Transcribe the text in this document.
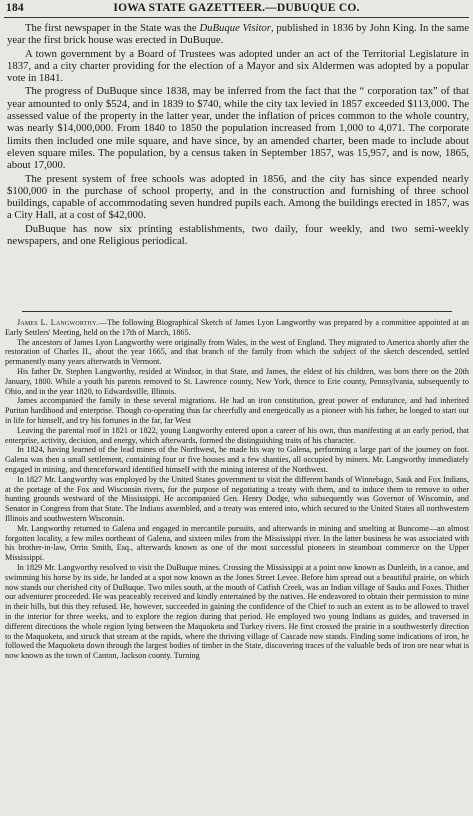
184	IOWA STATE GAZETTEER.—DUBUQUE CO.

The first newspaper in the State was the DuBuque Visitor, published in 1836 by John King. In the same year the first brick house was erected in DuBuque.

A town government by a Board of Trustees was adopted under an act of the Territorial Legislature in 1837, and a city charter providing for the election of a Mayor and six Aldermen was adopted by a popular vote in 1841.

The progress of DuBuque since 1838, may be inferred from the fact that the “ corporation tax” of that year amounted to only $524, and in 1839 to $740, while the city tax levied in 1857 exceeded $113,000. The assessed value of the property in the latter year, under the inflation of prices common to the whole country, was nearly $14,000,000. From 1840 to 1850 the population increased from 1,000 to 4,071. The corporate limits then included one mile square, and have since, by an amended charter, been made to include about eleven square miles. The population, by a census taken in September 1857, was 15,957, and is now, 1865, about 17,000.

The present system of free schools was adopted in 1856, and the city has since expended nearly $100,000 in the purchase of school property, and in the construction and furnishing of three school buildings, capable of accommodating seven hundred pupils each. Among the buildings erected in 1857, was a City Hall, at a cost of $42,000.

DuBuque has now six printing establishments, two daily, four weekly, and two semi-weekly newspapers, and one Religious periodical.

James L. Langworthy.—The following Biographical Sketch of James Lyon Langworthy was prepared by a committee appointed at an Early Settlers' Meeting, held on the 17th of March, 1865.

The ancestors of James Lyon Langworthy were originally from Wales, in the west of England. They migrated to America shortly after the restoration of Charles II., about the year 1665, and that branch of the family from which the subject of the sketch descended, settled permanently many years afterwards in Vermont.

His father Dr. Stephen Langworthy, resided at Windsor, in that State, and James, the eldest of his children, was born there on the 20th January, 1800. While a youth his parents removed to St. Lawrence county, New York, thence to Erie county, Pennsylvania, subsequently to Ohio, and in the year 1820, to Edwardsville, Illinois.

James accompanied the family in these several migrations. He had an iron constitution, great power of endurance, and had inherited Puritan hardihood and enterprise. Though co-operating thus far cheerfully and energetically as a pioneer with his father, he longed to start out in life for himself, and try his fortunes in the far, far West

Leaving the parental roof in 1821 or 1822, young Langworthy entered upon a career of his own, thus manifesting at an early period, that enterprise, activity, decision, and energy, which afterwards, formed the distinguishing traits of his character.

In 1824, having learned of the lead mines of the Northwest, he made his way to Galena, performing a large part of the journey on foot. Galena was then a small settlement, containing four or five houses and a few shanties, all occupied by miners. Mr. Langworthy immediately engaged in mining, and thenceforward identified himself with the mining interest of the Northwest.

In 1827 Mr. Langworthy was employed by the United States government to visit the different bands of Winnebago, Sauk and Fox Indians, at the portage of the Fox and Wisconsin rivers, for the purpose of negotiating a treaty with them, and to induce them to remove to other hunting grounds westward of the Mississippi. He accompanied Gen. Henry Dodge, who subsequently was Governor of Wisconsin, and Senator in Congress from that State. The Indians assembled, and a treaty was entered into, which secured to the United States all northwestern Illinois and southwestern Wisconsin.

Mr. Langworthy returned to Galena and engaged in mercantile pursuits, and afterwards in mining and smelting at Buncome—an almost forgotten locality, a few miles northeast of Galena, and sixteen miles from the Mississippi river. In the latter business he was associated with his brother-in-law, Orrin Smith, Esq., afterwards known as one of the most successful pioneers in steamboat commerce on the Upper Mississippi.

In 1829 Mr. Langworthy resolved to visit the DuBuque mines. Crossing the Mississippi at a point now known as Dunleith, in a canoe, and swimming his horse by its side, he landed at a spot now known as the Jones Street Levee. Before him spread out a beautiful prairie, on which now stands our cherished city of DuBuque. Two miles south, at the mouth of Catfish Creek, was an Indian village of Sauks and Foxes. Thither our adventurer proceeded. He was peaceably received and kindly entertained by the natives. He endeavored to obtain their permission to mine in their hills, but this they refused. He, however, succeeded in gaining the confidence of the Chief to such an extent as to be allowed to travel in the interior for three weeks, and to explore the region during that period. He employed two young Indians as guides, and traversed in different directions the whole region lying between the Maquoketa and Turkey rivers. He first crossed the prairie in a southwesterly direction to the Maquoketa, and struck that stream at the rapids, where the thriving village of Cascade now stands. Finding some indications of iron, he followed the Maquoketa down through the largest bodies of timber in the State, discovering traces of the valuable beds of iron ore near what is now known as the town of Canton, Jackson county. Turning
